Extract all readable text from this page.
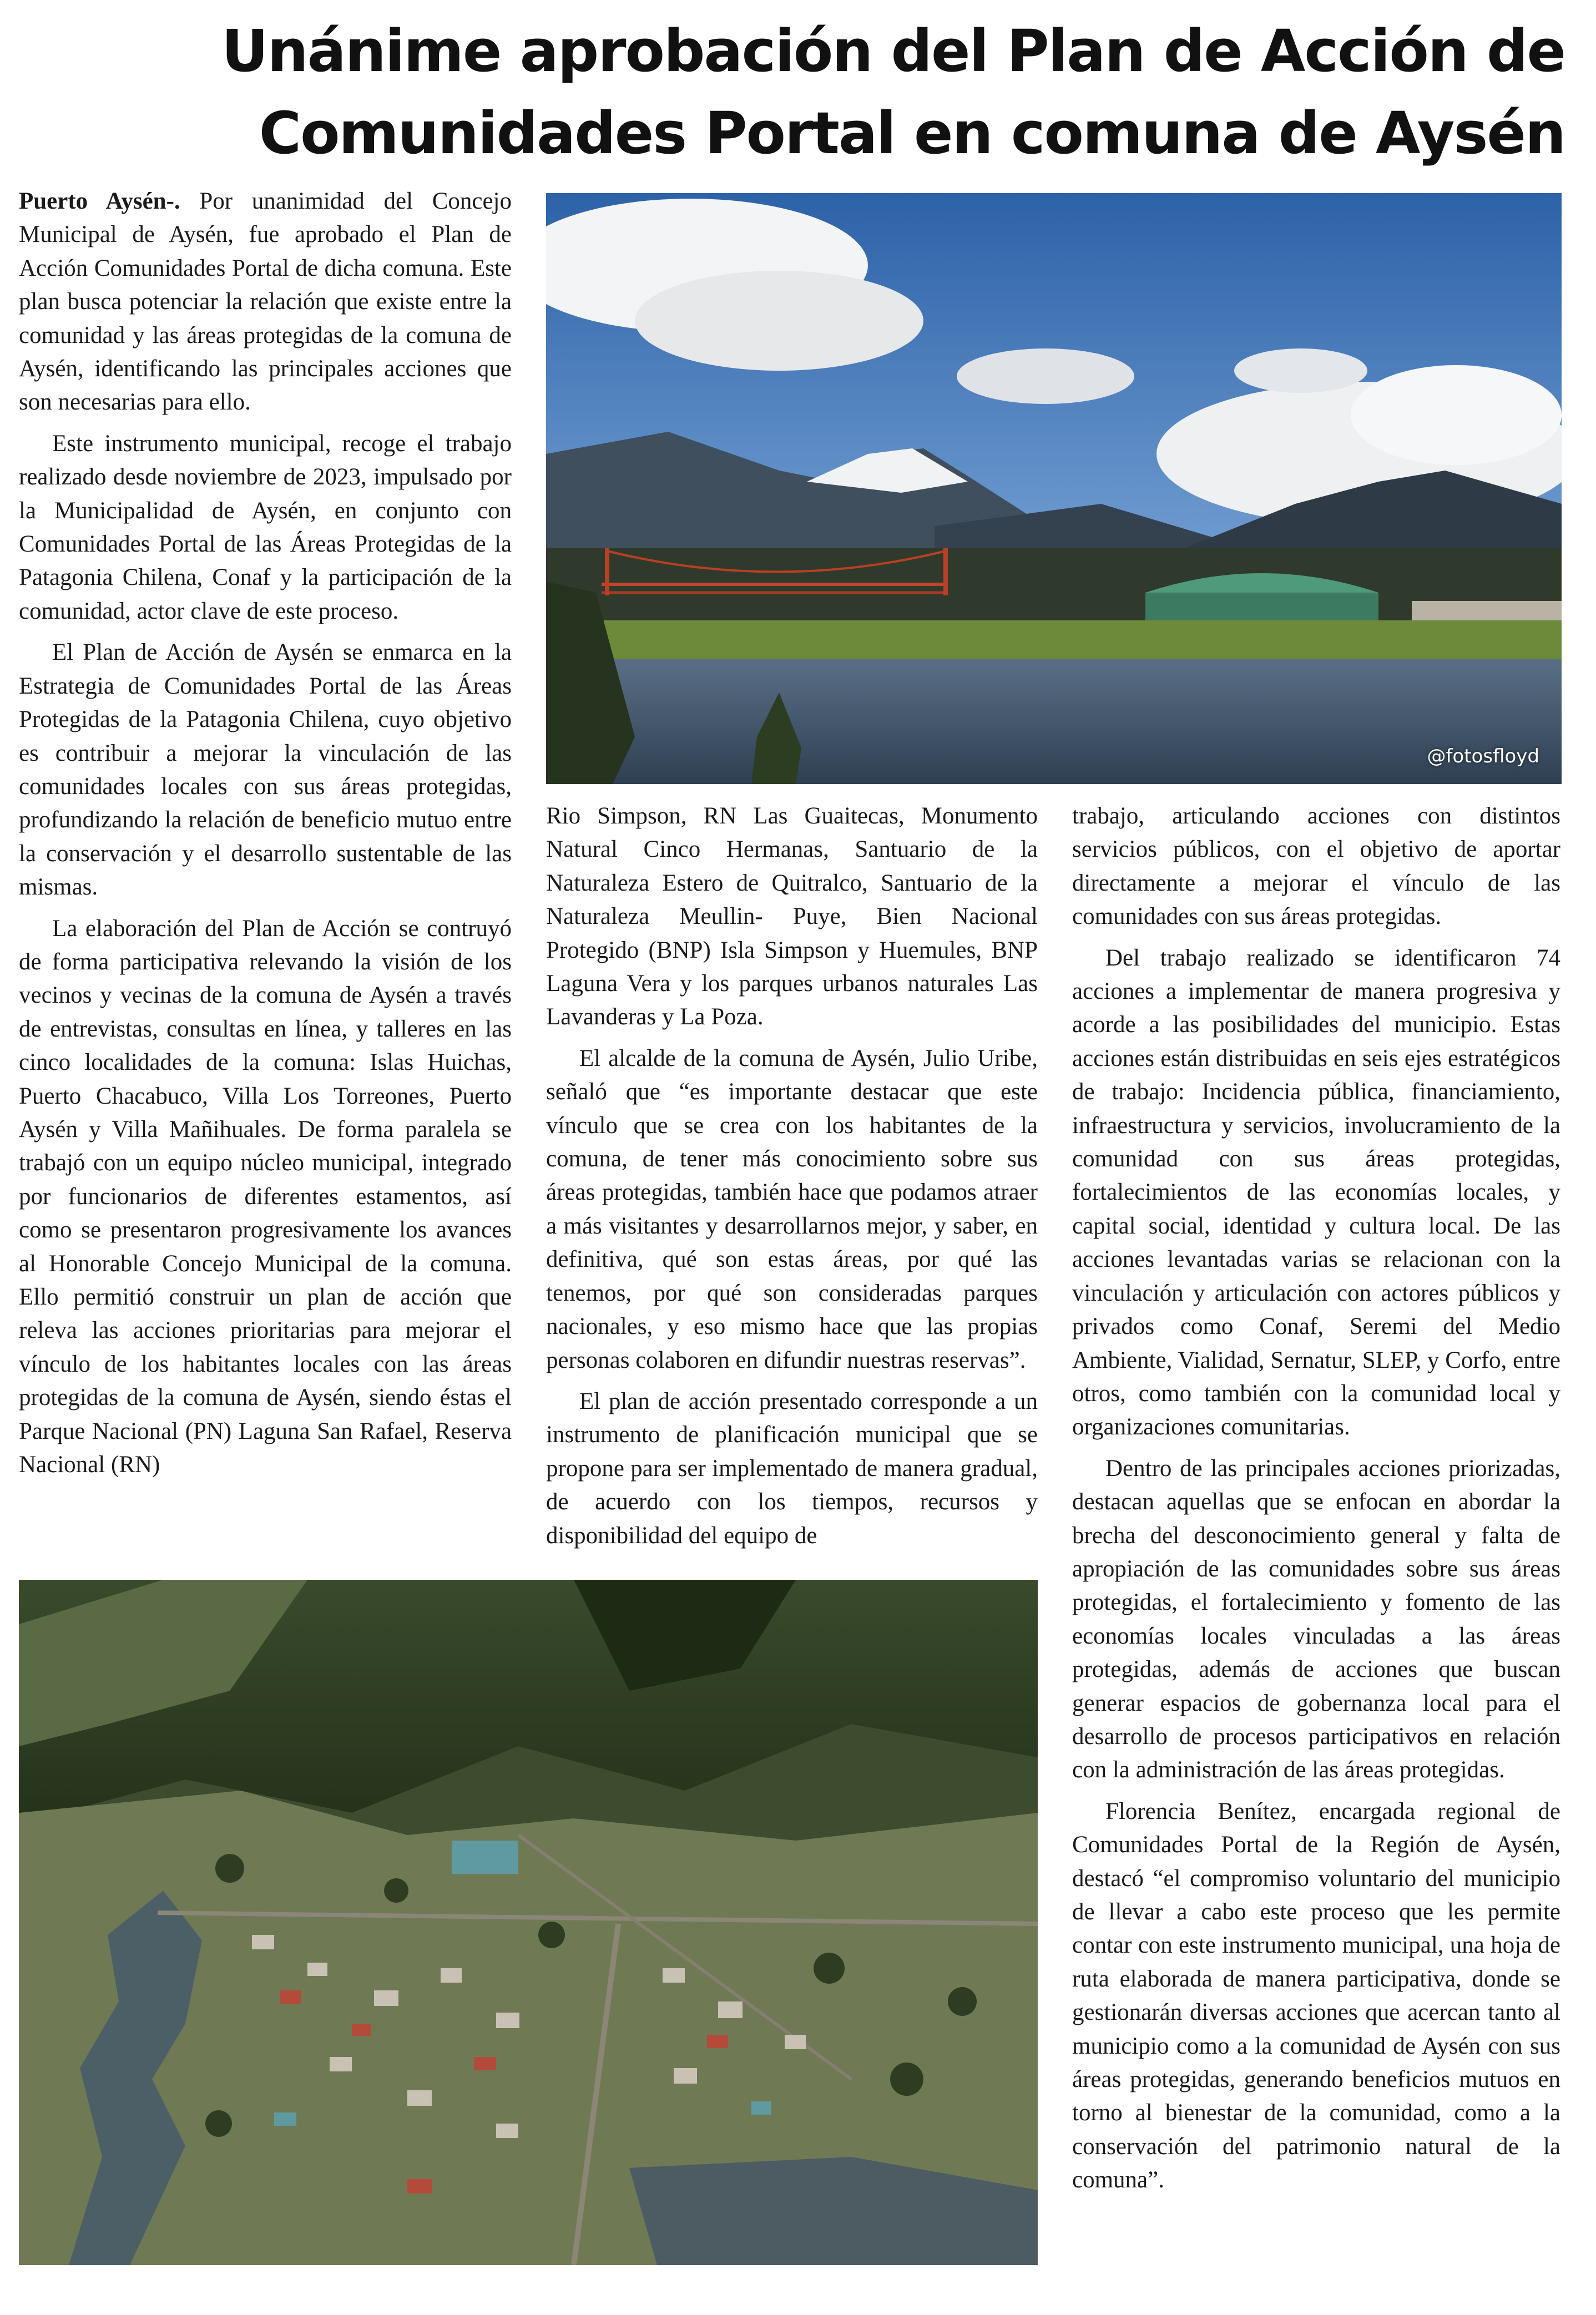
Unánime aprobación del Plan de Acción de Comunidades Portal en comuna de Aysén

Puerto Aysén-. Por unanimidad del Concejo Municipal de Aysén, fue aprobado el Plan de Acción Comunidades Portal de dicha comuna. Este plan busca potenciar la relación que existe entre la comunidad y las áreas protegidas de la comuna de Aysén, identificando las principales acciones que son necesarias para ello.

Este instrumento municipal, recoge el trabajo realizado desde noviembre de 2023, impulsado por la Municipalidad de Aysén, en conjunto con Comunidades Portal de las Áreas Protegidas de la Patagonia Chilena, Conaf y la participación de la comunidad, actor clave de este proceso.

El Plan de Acción de Aysén se enmarca en la Estrategia de Comunidades Portal de las Áreas Protegidas de la Patagonia Chilena, cuyo objetivo es contribuir a mejorar la vinculación de las comunidades locales con sus áreas protegidas, profundizando la relación de beneficio mutuo entre la conservación y el desarrollo sustentable de las mismas.

La elaboración del Plan de Acción se contruyó de forma participativa relevando la visión de los vecinos y vecinas de la comuna de Aysén a través de entrevistas, consultas en línea, y talleres en las cinco localidades de la comuna: Islas Huichas, Puerto Chacabuco, Villa Los Torreones, Puerto Aysén y Villa Mañihuales. De forma paralela se trabajó con un equipo núcleo municipal, integrado por funcionarios de diferentes estamentos, así como se presentaron progresivamente los avances al Honorable Concejo Municipal de la comuna. Ello permitió construir un plan de acción que releva las acciones prioritarias para mejorar el vínculo de los habitantes locales con las áreas protegidas de la comuna de Aysén, siendo éstas el Parque Nacional (PN) Laguna San Rafael, Reserva Nacional (RN)

@fotosfloyd

Rio Simpson, RN Las Guaitecas, Monumento Natural Cinco Hermanas, Santuario de la Naturaleza Estero de Quitralco, Santuario de la Naturaleza Meullin- Puye, Bien Nacional Protegido (BNP) Isla Simpson y Huemules, BNP Laguna Vera y los parques urbanos naturales Las Lavanderas y La Poza.

El alcalde de la comuna de Aysén, Julio Uribe, señaló que “es importante destacar que este vínculo que se crea con los habitantes de la comuna, de tener más conocimiento sobre sus áreas protegidas, también hace que podamos atraer a más visitantes y desarrollarnos mejor, y saber, en definitiva, qué son estas áreas, por qué las tenemos, por qué son consideradas parques nacionales, y eso mismo hace que las propias personas colaboren en difundir nuestras reservas”.

El plan de acción presentado corresponde a un instrumento de planificación municipal que se propone para ser implementado de manera gradual, de acuerdo con los tiempos, recursos y disponibilidad del equipo de

trabajo, articulando acciones con distintos servicios públicos, con el objetivo de aportar directamente a mejorar el vínculo de las comunidades con sus áreas protegidas.

Del trabajo realizado se identificaron 74 acciones a implementar de manera progresiva y acorde a las posibilidades del municipio. Estas acciones están distribuidas en seis ejes estratégicos de trabajo: Incidencia pública, financiamiento, infraestructura y servicios, involucramiento de la comunidad con sus áreas protegidas, fortalecimientos de las economías locales, y capital social, identidad y cultura local. De las acciones levantadas varias se relacionan con la vinculación y articulación con actores públicos y privados como Conaf, Seremi del Medio Ambiente, Vialidad, Sernatur, SLEP, y Corfo, entre otros, como también con la comunidad local y organizaciones comunitarias.

Dentro de las principales acciones priorizadas, destacan aquellas que se enfocan en abordar la brecha del desconocimiento general y falta de apropiación de las comunidades sobre sus áreas protegidas, el fortalecimiento y fomento de las economías locales vinculadas a las áreas protegidas, además de acciones que buscan generar espacios de gobernanza local para el desarrollo de procesos participativos en relación con la administración de las áreas protegidas.

Florencia Benítez, encargada regional de Comunidades Portal de la Región de Aysén, destacó “el compromiso voluntario del municipio de llevar a cabo este proceso que les permite contar con este instrumento municipal, una hoja de ruta elaborada de manera participativa, donde se gestionarán diversas acciones que acercan tanto al municipio como a la comunidad de Aysén con sus áreas protegidas, generando beneficios mutuos en torno al bienestar de la comunidad, como a la conservación del patrimonio natural de la comuna”.
